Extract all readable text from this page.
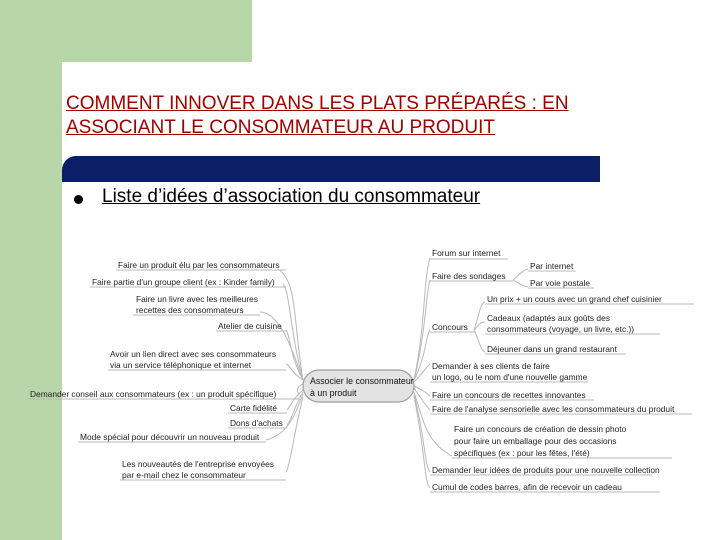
COMMENT INNOVER DANS LES PLATS PRÉPARÉS : EN
ASSOCIANT LE CONSOMMATEUR AU PRODUIT
Liste d’idées d’association du consommateur
Associer le consommateur
à un produit
Faire un produit élu par les consommateurs
Faire partie d'un groupe client (ex : Kinder family)
Faire un livre avec les meilleures
recettes des consommateurs
Atelier de cuisine
Avoir un lien direct avec ses consommateurs
via un service téléphonique et internet
Demander conseil aux consommateurs (ex : un produit spécifique)
Carte fidélité
Dons d'achats
Mode spécial pour découvrir un nouveau produit
Les nouveautés de l'entreprise envoyées
par e-mail chez le consommateur
Forum sur internet
Faire des sondages
Par internet
Par voie postale
Un prix + un cours avec un grand chef cuisinier
Concours
Cadeaux (adaptés aux goûts des
consommateurs (voyage, un livre, etc.))
Déjeuner dans un grand restaurant
Demander à ses clients de faire
un logo, ou le nom d'une nouvelle gamme
Faire un concours de recettes innovantes
Faire de l'analyse sensorielle avec les consommateurs du produit
Faire un concours de création de dessin photo
pour faire un emballage pour des occasions
spécifiques (ex : pour les fêtes, l'été)
Demander leur idées de produits pour une nouvelle collection
Cumul de codes barres, afin de recevoir un cadeau
